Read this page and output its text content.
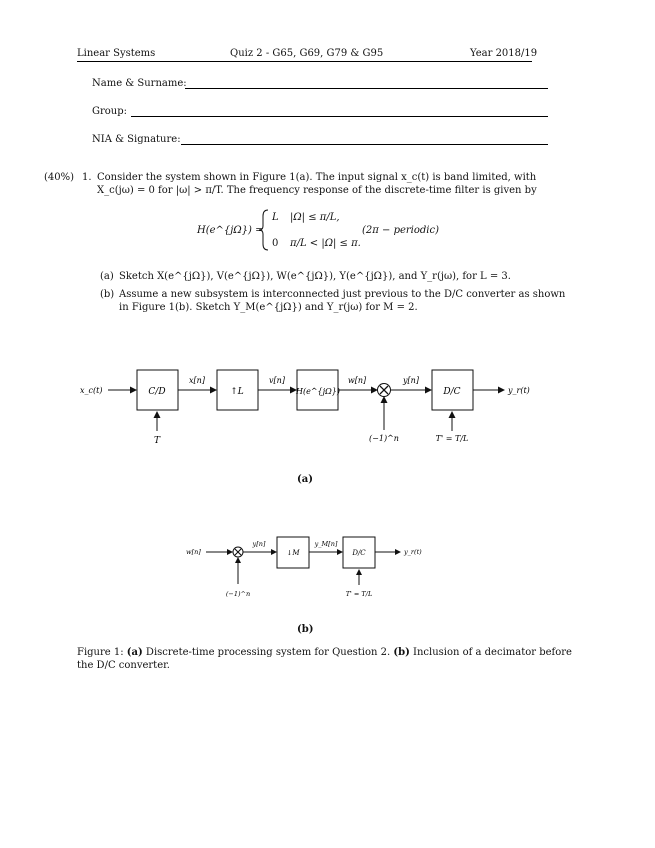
Linear Systems	Quiz 2 - G65, G69, G79 & G95	Year 2018/19
Name & Surname:
Group:
NIA & Signature:
(40%) 1. Consider the system shown in Figure 1(a). The input signal x_c(t) is band limited, with
X_c(jω) = 0 for |ω| > π/T. The frequency response of the discrete-time filter is given by
H(e^{jΩ}) =
L |Ω| ≤ π/L,
0 π/L < |Ω| ≤ π.
(2π − periodic)
(a) Sketch X(e^{jΩ}), V(e^{jΩ}), W(e^{jΩ}), Y(e^{jΩ}), and Y_r(jω), for L = 3.
(b) Assume a new subsystem is interconnected just previous to the D/C converter as shown
in Figure 1(b). Sketch Y_M(e^{jΩ}) and Y_r(jω) for M = 2.
x_c(t)	C/D
T
x[n]
↑L
v[n]
H(e^{jΩ})
w[n]
(−1)^n
y[n]
D/C
T' = T/L
y_r(t)
(a)
w[n]
(−1)^n
y[n]
↓M
y_M[n]
D/C
T' = T/L
y_r(t)
(b)
Figure 1: (a) Discrete-time processing system for Question 2. (b) Inclusion of a decimator before
the D/C converter.
